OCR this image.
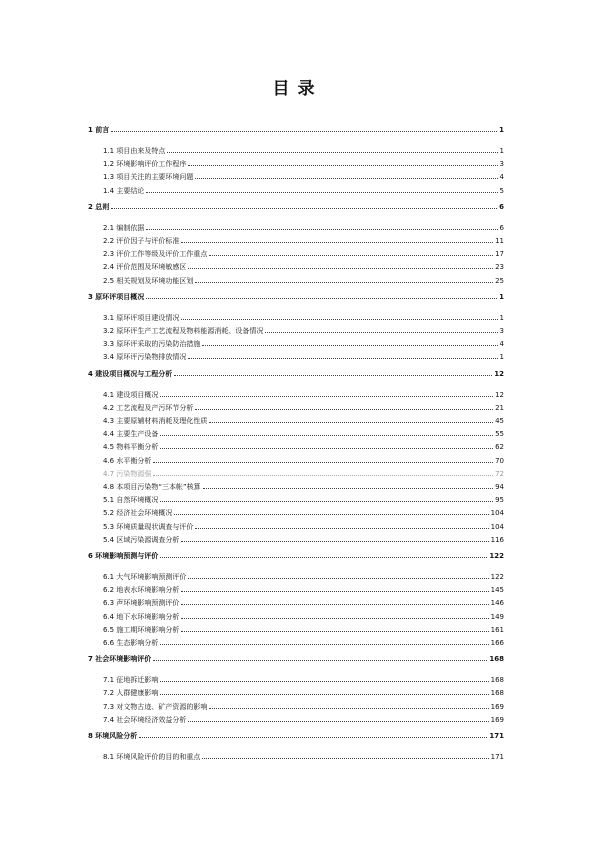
目录
1 前言	1
1.1 项目由来及特点	1
1.2 环境影响评价工作程序	3
1.3 项目关注的主要环境问题	4
1.4 主要结论	5
2 总则	6
2.1 编制依据	6
2.2 评价因子与评价标准	11
2.3 评价工作等级及评价工作重点	17
2.4 评价范围及环境敏感区	23
2.5 相关规划及环境功能区划	25
3 原环评项目概况	1
3.1 原环评项目建设情况	1
3.2 原环评生产工艺流程及物料能源消耗、设备情况	3
3.3 原环评采取的污染防治措施	4
3.4 原环评污染物排放情况	1
4 建设项目概况与工程分析	12
4.1 建设项目概况	12
4.2 工艺流程及产污环节分析	21
4.3 主要原辅材料消耗及理化性质	45
4.4 主要生产设备	55
4.5 物料平衡分析	62
4.6 水平衡分析	70
4.7 污染物源强	72
4.8 本项目污染物“三本帐”核算	94
5.1 自然环境概况	95
5.2 经济社会环境概况	104
5.3 环境质量现状调查与评价	104
5.4 区域污染源调查分析	116
6 环境影响预测与评价	122
6.1 大气环境影响预测评价	122
6.2 地表水环境影响分析	145
6.3 声环境影响预测评价	146
6.4 地下水环境影响分析	149
6.5 施工期环境影响分析	161
6.6 生态影响分析	166
7 社会环境影响评价	168
7.1 征地拆迁影响	168
7.2 人群健康影响	168
7.3 对文物古迹、矿产资源的影响	169
7.4 社会环境经济效益分析	169
8 环境风险分析	171
8.1 环境风险评价的目的和重点	171
